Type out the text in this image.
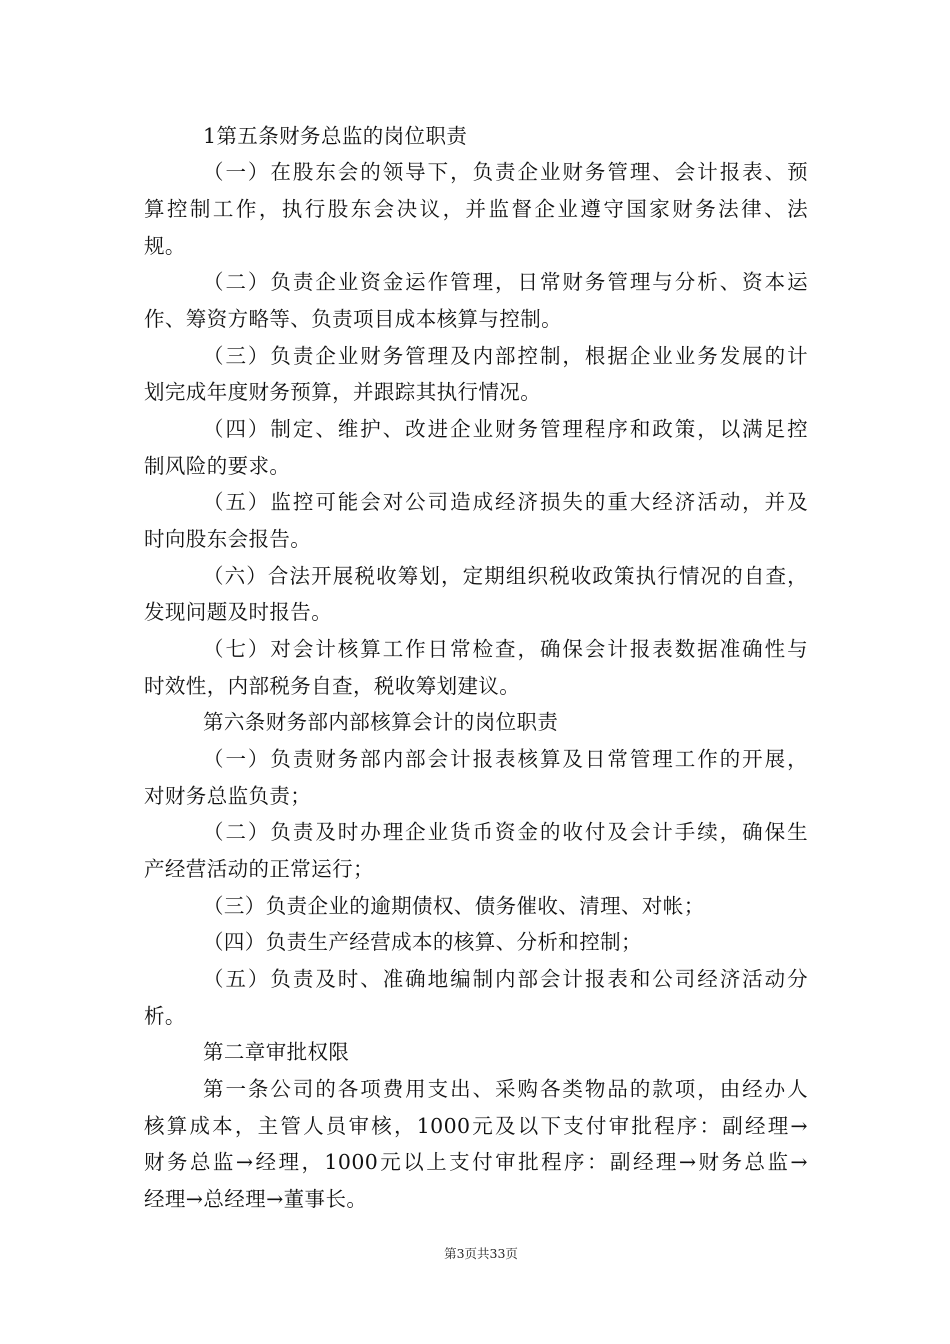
1第五条财务总监的岗位职责
（一）在股东会的领导下，负责企业财务管理、会计报表、预
算控制工作，执行股东会决议，并监督企业遵守国家财务法律、法
规。
（二）负责企业资金运作管理，日常财务管理与分析、资本运
作、筹资方略等、负责项目成本核算与控制。
（三）负责企业财务管理及内部控制，根据企业业务发展的计
划完成年度财务预算，并跟踪其执行情况。
（四）制定、维护、改进企业财务管理程序和政策，以满足控
制风险的要求。
（五）监控可能会对公司造成经济损失的重大经济活动，并及
时向股东会报告。
（六）合法开展税收筹划，定期组织税收政策执行情况的自查，
发现问题及时报告。
（七）对会计核算工作日常检查，确保会计报表数据准确性与
时效性，内部税务自查，税收筹划建议。
第六条财务部内部核算会计的岗位职责
（一）负责财务部内部会计报表核算及日常管理工作的开展，
对财务总监负责；
（二）负责及时办理企业货币资金的收付及会计手续，确保生
产经营活动的正常运行；
（三）负责企业的逾期债权、债务催收、清理、对帐；
（四）负责生产经营成本的核算、分析和控制；
（五）负责及时、准确地编制内部会计报表和公司经济活动分
析。
第二章审批权限
第一条公司的各项费用支出、采购各类物品的款项，由经办人
核算成本，主管人员审核，1000元及以下支付审批程序：副经理→
财务总监→经理，1000元以上支付审批程序：副经理→财务总监→
经理→总经理→董事长。
第3页共33页
